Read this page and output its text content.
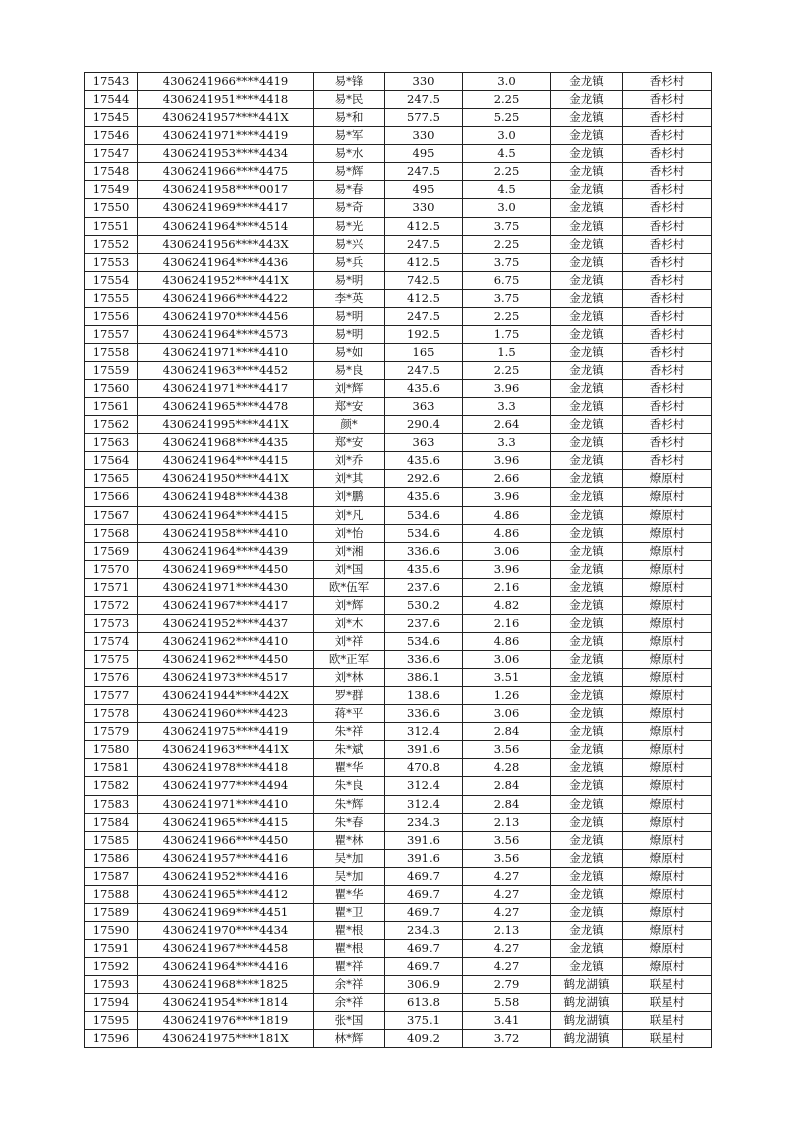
17543	4306241966****4419	易*锋	330	3.0	金龙镇	香杉村
17544	4306241951****4418	易*民	247.5	2.25	金龙镇	香杉村
17545	4306241957****441X	易*和	577.5	5.25	金龙镇	香杉村
17546	4306241971****4419	易*军	330	3.0	金龙镇	香杉村
17547	4306241953****4434	易*水	495	4.5	金龙镇	香杉村
17548	4306241966****4475	易*辉	247.5	2.25	金龙镇	香杉村
17549	4306241958****0017	易*春	495	4.5	金龙镇	香杉村
17550	4306241969****4417	易*奇	330	3.0	金龙镇	香杉村
17551	4306241964****4514	易*光	412.5	3.75	金龙镇	香杉村
17552	4306241956****443X	易*兴	247.5	2.25	金龙镇	香杉村
17553	4306241964****4436	易*兵	412.5	3.75	金龙镇	香杉村
17554	4306241952****441X	易*明	742.5	6.75	金龙镇	香杉村
17555	4306241966****4422	李*英	412.5	3.75	金龙镇	香杉村
17556	4306241970****4456	易*明	247.5	2.25	金龙镇	香杉村
17557	4306241964****4573	易*明	192.5	1.75	金龙镇	香杉村
17558	4306241971****4410	易*如	165	1.5	金龙镇	香杉村
17559	4306241963****4452	易*良	247.5	2.25	金龙镇	香杉村
17560	4306241971****4417	刘*辉	435.6	3.96	金龙镇	香杉村
17561	4306241965****4478	郑*安	363	3.3	金龙镇	香杉村
17562	4306241995****441X	颜*	290.4	2.64	金龙镇	香杉村
17563	4306241968****4435	郑*安	363	3.3	金龙镇	香杉村
17564	4306241964****4415	刘*乔	435.6	3.96	金龙镇	香杉村
17565	4306241950****441X	刘*其	292.6	2.66	金龙镇	燎原村
17566	4306241948****4438	刘*鹏	435.6	3.96	金龙镇	燎原村
17567	4306241964****4415	刘*凡	534.6	4.86	金龙镇	燎原村
17568	4306241958****4410	刘*怡	534.6	4.86	金龙镇	燎原村
17569	4306241964****4439	刘*湘	336.6	3.06	金龙镇	燎原村
17570	4306241969****4450	刘*国	435.6	3.96	金龙镇	燎原村
17571	4306241971****4430	欧*伍军	237.6	2.16	金龙镇	燎原村
17572	4306241967****4417	刘*辉	530.2	4.82	金龙镇	燎原村
17573	4306241952****4437	刘*木	237.6	2.16	金龙镇	燎原村
17574	4306241962****4410	刘*祥	534.6	4.86	金龙镇	燎原村
17575	4306241962****4450	欧*正军	336.6	3.06	金龙镇	燎原村
17576	4306241973****4517	刘*林	386.1	3.51	金龙镇	燎原村
17577	4306241944****442X	罗*群	138.6	1.26	金龙镇	燎原村
17578	4306241960****4423	蒋*平	336.6	3.06	金龙镇	燎原村
17579	4306241975****4419	朱*祥	312.4	2.84	金龙镇	燎原村
17580	4306241963****441X	朱*斌	391.6	3.56	金龙镇	燎原村
17581	4306241978****4418	瞿*华	470.8	4.28	金龙镇	燎原村
17582	4306241977****4494	朱*良	312.4	2.84	金龙镇	燎原村
17583	4306241971****4410	朱*辉	312.4	2.84	金龙镇	燎原村
17584	4306241965****4415	朱*春	234.3	2.13	金龙镇	燎原村
17585	4306241966****4450	瞿*林	391.6	3.56	金龙镇	燎原村
17586	4306241957****4416	吴*加	391.6	3.56	金龙镇	燎原村
17587	4306241952****4416	吴*加	469.7	4.27	金龙镇	燎原村
17588	4306241965****4412	瞿*华	469.7	4.27	金龙镇	燎原村
17589	4306241969****4451	瞿*卫	469.7	4.27	金龙镇	燎原村
17590	4306241970****4434	瞿*根	234.3	2.13	金龙镇	燎原村
17591	4306241967****4458	瞿*根	469.7	4.27	金龙镇	燎原村
17592	4306241964****4416	瞿*祥	469.7	4.27	金龙镇	燎原村
17593	4306241968****1825	余*祥	306.9	2.79	鹤龙湖镇	联星村
17594	4306241954****1814	余*祥	613.8	5.58	鹤龙湖镇	联星村
17595	4306241976****1819	张*国	375.1	3.41	鹤龙湖镇	联星村
17596	4306241975****181X	林*辉	409.2	3.72	鹤龙湖镇	联星村
